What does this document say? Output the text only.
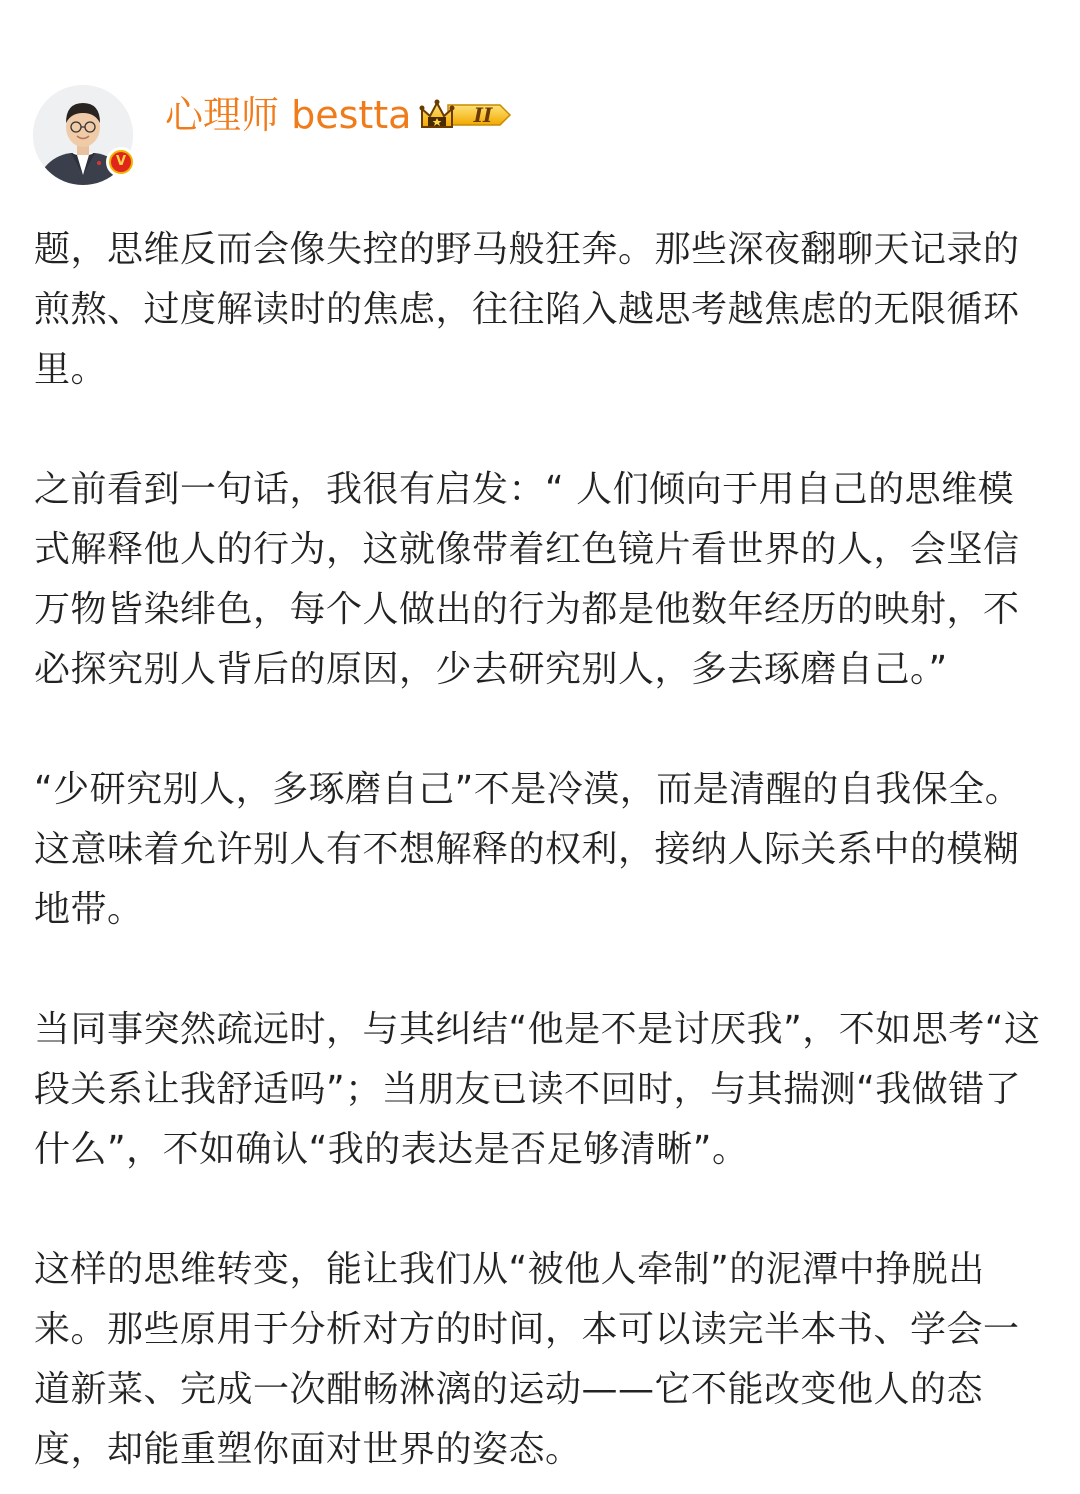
V
心理师 bestta	II

题，思维反而会像失控的野马般狂奔。那些深夜翻聊天记录的煎熬、过度解读时的焦虑，往往陷入越思考越焦虑的无限循环里。

之前看到一句话，我很有启发：“ 人们倾向于用自己的思维模式解释他人的行为，这就像带着红色镜片看世界的人，会坚信万物皆染绯色，每个人做出的行为都是他数年经历的映射，不必探究别人背后的原因，少去研究别人，多去琢磨自己。”

“少研究别人，多琢磨自己”不是冷漠，而是清醒的自我保全。这意味着允许别人有不想解释的权利，接纳人际关系中的模糊地带。

当同事突然疏远时，与其纠结“他是不是讨厌我”，不如思考“这段关系让我舒适吗”；当朋友已读不回时，与其揣测“我做错了什么”，不如确认“我的表达是否足够清晰”。

这样的思维转变，能让我们从“被他人牵制”的泥潭中挣脱出来。那些原用于分析对方的时间，本可以读完半本书、学会一道新菜、完成一次酣畅淋漓的运动——它不能改变他人的态度，却能重塑你面对世界的姿态。
